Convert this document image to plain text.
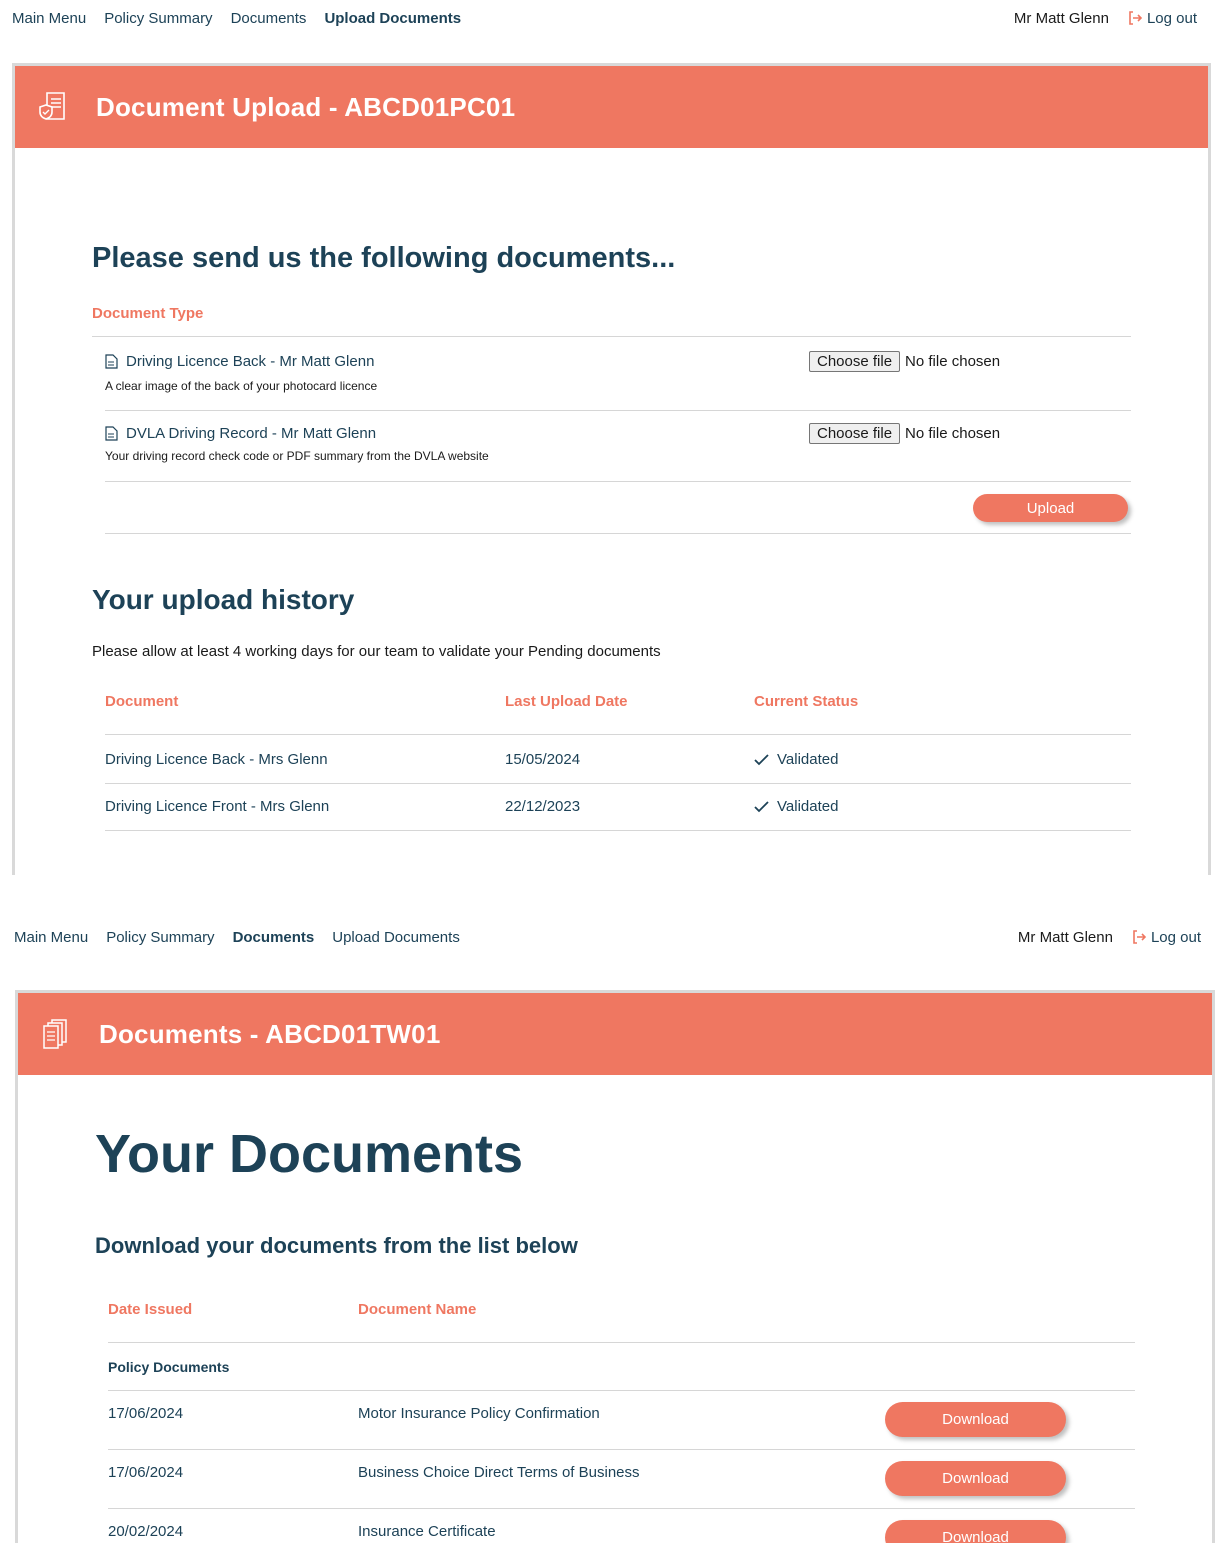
Main Menu Policy Summary Documents Upload Documents	Mr Matt Glenn	Log out
Document Upload - ABCD01PC01
Please send us the following documents...
Document Type
Driving Licence Back - Mr Matt Glenn
A clear image of the back of your photocard licence
Choose file No file chosen
DVLA Driving Record - Mr Matt Glenn
Your driving record check code or PDF summary from the DVLA website
Choose file No file chosen
Upload
Your upload history
Please allow at least 4 working days for our team to validate your Pending documents
Document	Last Upload Date	Current Status
Driving Licence Back - Mrs Glenn	15/05/2024	Validated
Driving Licence Front - Mrs Glenn	22/12/2023	Validated
Main Menu Policy Summary Documents Upload Documents	Mr Matt Glenn	Log out
Documents - ABCD01TW01
Your Documents
Download your documents from the list below
Date Issued	Document Name
Policy Documents
17/06/2024	Motor Insurance Policy Confirmation	Download
17/06/2024	Business Choice Direct Terms of Business	Download
20/02/2024	Insurance Certificate	Download
